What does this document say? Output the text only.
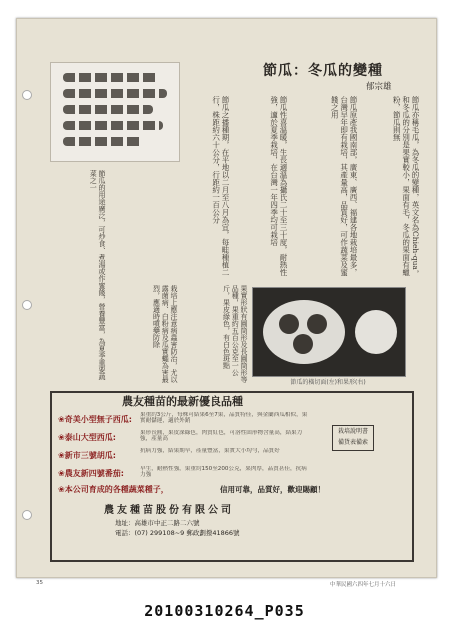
節瓜：冬瓜的變種
郁宗雄
節瓜亦稱毛瓜，為冬瓜的變種，英文名為Chieh-qua，和冬瓜的分別是果實較小，果面有毛，冬瓜的果面有蠟粉，節瓜則無
節瓜原產我國南部，廣東、廣西、福建各地栽培最多，台灣早年即有栽培，其產量高，品質好，可作蔬菜及蜜餞之用
節瓜性喜溫暖，生長適溫為攝氏二十至三十度，耐熱性強，適於夏季栽培，在台灣一年四季均可栽培
節瓜之播種期，在平地以二月至八月為宜，每畦種植二行，株距約六十公分，行距約一百公分
果實形狀有圓筒形及長圓筒形等品種，果重約五百公克至一公斤，果皮綠色，有白色斑點
栽培上應注意病蟲害防治，尤以露菌病、白粉病及瓜實蠅為害最烈，應適時噴藥防除
節瓜的用途廣泛，可炒食、煮湯或作蜜餞，營養豐富，為夏季重要蔬菜之一
節瓜的橫切面(左)和果形(右)
農友種苗的最新優良品種
❀奇美小型無子西瓜: 果重約3公斤，每株可結果6至7果，品質特佳，與金蘭西瓜相似，果實耐儲運，適於外銷
❀泰山大型西瓜:	果形長圓，果皮深綠色，肉質紅色，可溶性固形物含量高，結果力強，產量高
❀新市三號胡瓜:	抗病力強，結果期早，產量豐富，果實大小均勻，品質好
❀農友新四號番茄:	早生，耐熱性強，果重約150至200公克，果肉厚，品質甚佳，抗病力強
❀本公司育成的各種蔬菜種子，	信用可靠，品質好，歡迎賜顧！
栽培說明書
備貨表備索
農友種苗股份有限公司
地址：高雄市中正二路二六號
電話：(07) 299108~9 郵政劃撥41866號
35	中華民國六四年七月十六日
20100310264_P035
